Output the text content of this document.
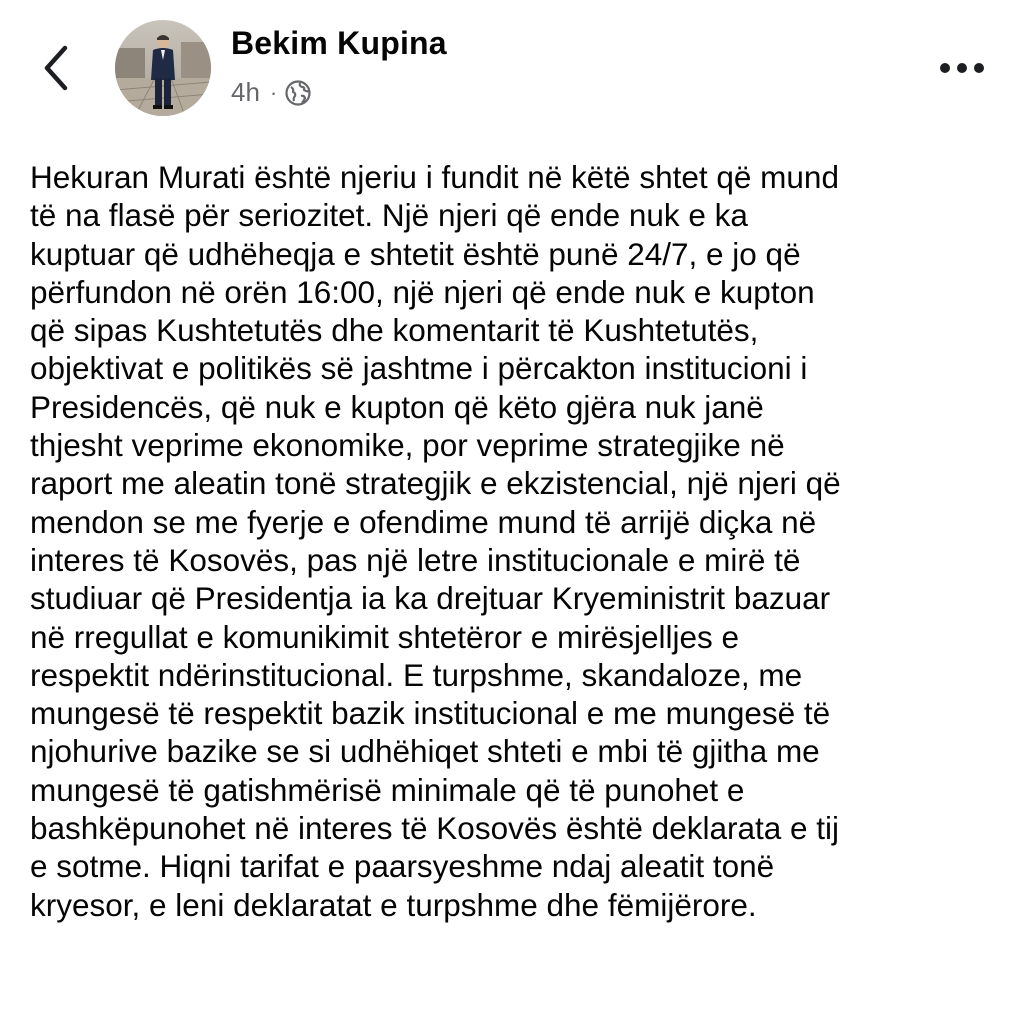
Bekim Kupina
4h ·
Hekuran Murati është njeriu i fundit në këtë shtet që mund
të na flasë për seriozitet. Një njeri që ende nuk e ka
kuptuar që udhëheqja e shtetit është punë 24/7, e jo që
përfundon në orën 16:00, një njeri që ende nuk e kupton
që sipas Kushtetutës dhe komentarit të Kushtetutës,
objektivat e politikës së jashtme i përcakton institucioni i
Presidencës, që nuk e kupton që këto gjëra nuk janë
thjesht veprime ekonomike, por veprime strategjike në
raport me aleatin tonë strategjik e ekzistencial, një njeri që
mendon se me fyerje e ofendime mund të arrijë diçka në
interes të Kosovës, pas një letre institucionale e mirë të
studiuar që Presidentja ia ka drejtuar Kryeministrit bazuar
në rregullat e komunikimit shtetëror e mirësjelljes e
respektit ndërinstitucional. E turpshme, skandaloze, me
mungesë të respektit bazik institucional e me mungesë të
njohurive bazike se si udhëhiqet shteti e mbi të gjitha me
mungesë të gatishmërisë minimale që të punohet e
bashkëpunohet në interes të Kosovës është deklarata e tij
e sotme. Hiqni tarifat e paarsyeshme ndaj aleatit tonë
kryesor, e leni deklaratat e turpshme dhe fëmijërore.
